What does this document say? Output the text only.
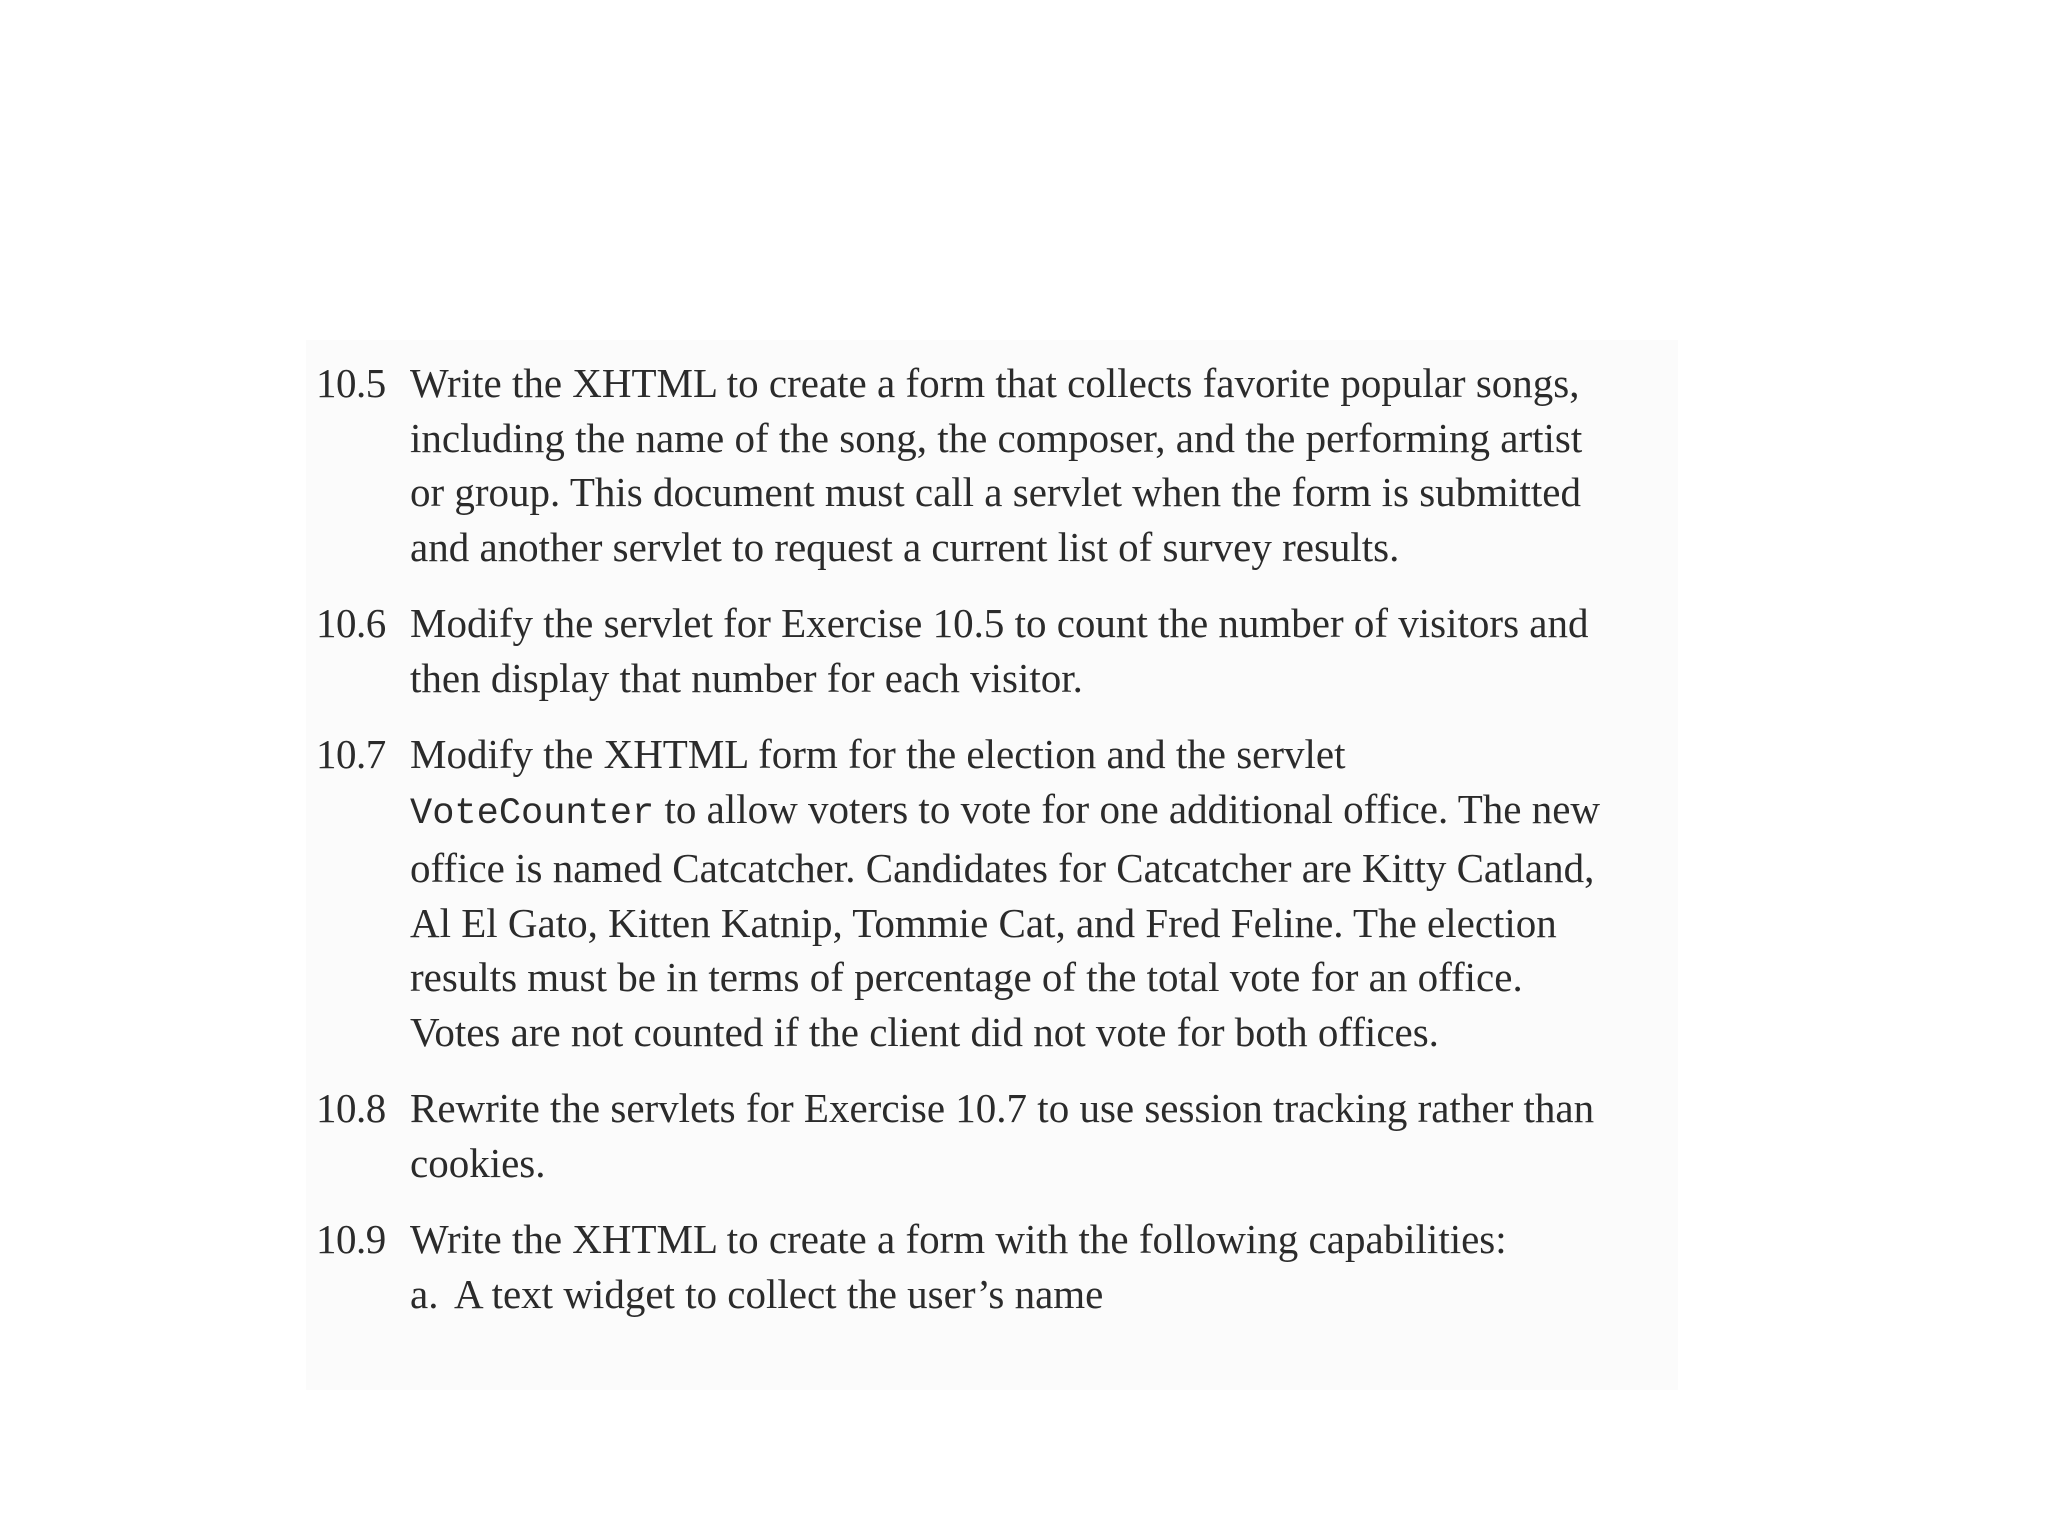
10.5 Write the XHTML to create a form that collects favorite popular songs,

including the name of the song, the composer, and the performing artist

or group. This document must call a servlet when the form is submitted

and another servlet to request a current list of survey results.

10.6 Modify the servlet for Exercise 10.5 to count the number of visitors and

then display that number for each visitor.

10.7 Modify the XHTML form for the election and the servlet

VoteCounter to allow voters to vote for one additional office. The new

office is named Catcatcher. Candidates for Catcatcher are Kitty Catland,

Al El Gato, Kitten Katnip, Tommie Cat, and Fred Feline. The election

results must be in terms of percentage of the total vote for an office.

Votes are not counted if the client did not vote for both offices.

10.8 Rewrite the servlets for Exercise 10.7 to use session tracking rather than

cookies.

10.9 Write the XHTML to create a form with the following capabilities:

a. A text widget to collect the user’s name
